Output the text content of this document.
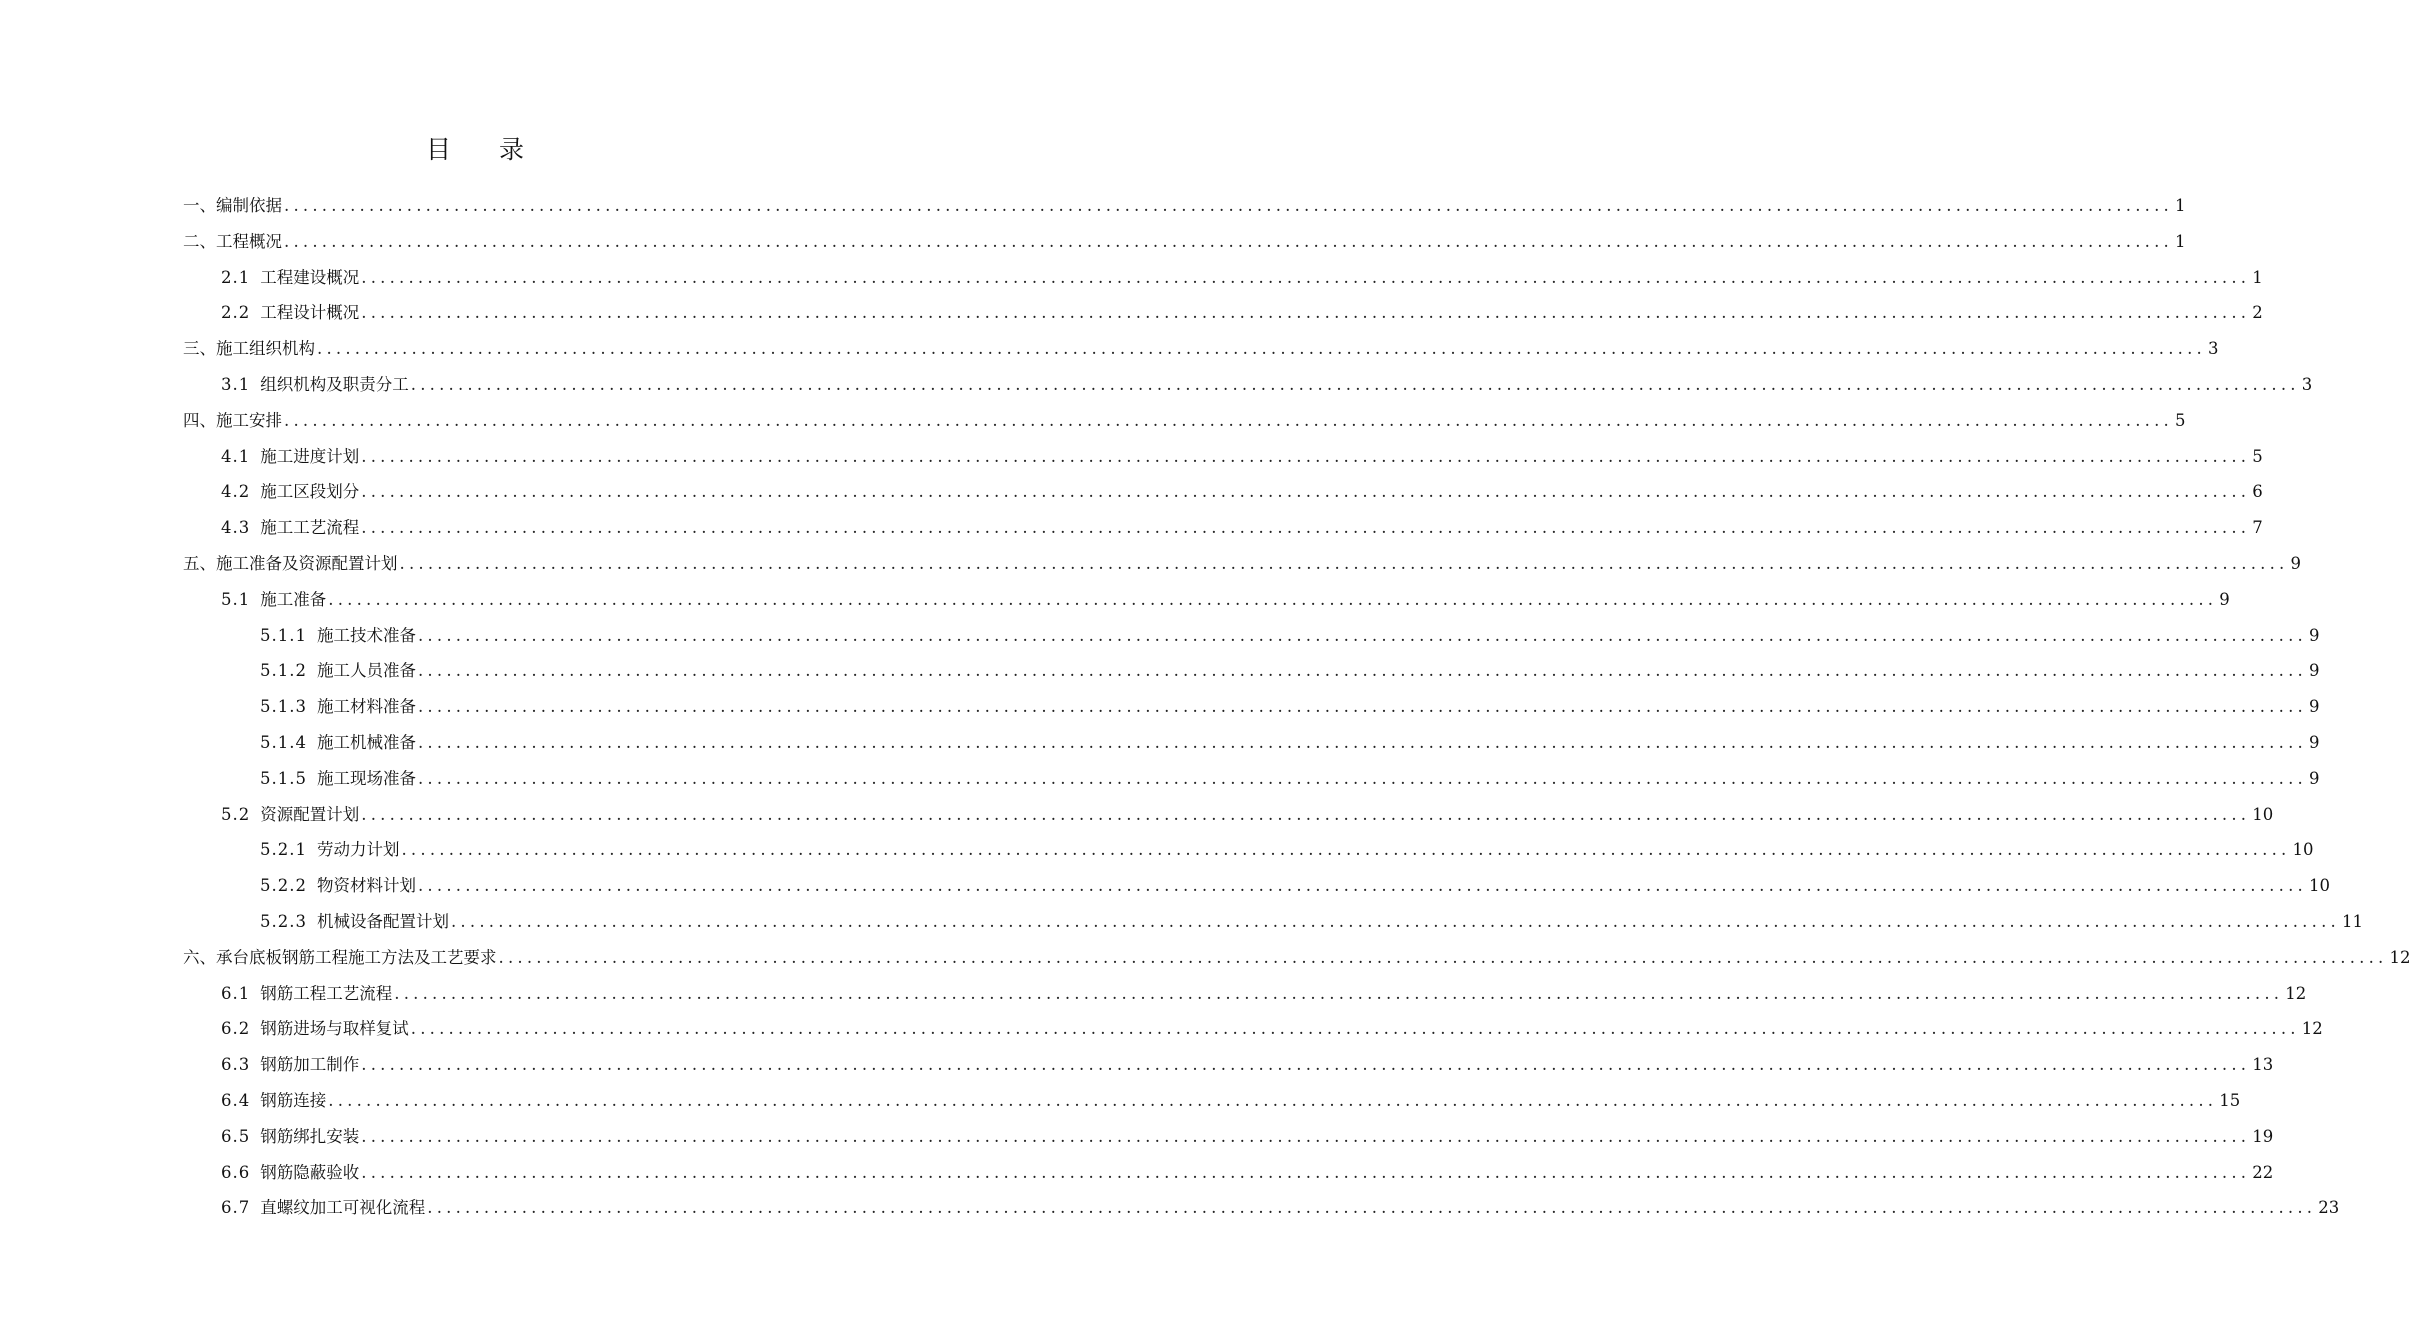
目 录
一、编制依据 ........................................................................................................................................................................................................ 1
二、工程概况 ........................................................................................................................................................................................................ 1
2.1 工程建设概况 ........................................................................................................................................................................................................ 1
2.2 工程设计概况 ........................................................................................................................................................................................................ 2
三、施工组织机构 ........................................................................................................................................................................................................ 3
3.1 组织机构及职责分工 ........................................................................................................................................................................................................ 3
四、施工安排 ........................................................................................................................................................................................................ 5
4.1 施工进度计划 ........................................................................................................................................................................................................ 5
4.2 施工区段划分 ........................................................................................................................................................................................................ 6
4.3 施工工艺流程 ........................................................................................................................................................................................................ 7
五、施工准备及资源配置计划 ........................................................................................................................................................................................................ 9
5.1 施工准备 ........................................................................................................................................................................................................ 9
5.1.1 施工技术准备 ........................................................................................................................................................................................................ 9
5.1.2 施工人员准备 ........................................................................................................................................................................................................ 9
5.1.3 施工材料准备 ........................................................................................................................................................................................................ 9
5.1.4 施工机械准备 ........................................................................................................................................................................................................ 9
5.1.5 施工现场准备 ........................................................................................................................................................................................................ 9
5.2 资源配置计划 ........................................................................................................................................................................................................ 10
5.2.1 劳动力计划 ........................................................................................................................................................................................................ 10
5.2.2 物资材料计划 ........................................................................................................................................................................................................ 10
5.2.3 机械设备配置计划 ........................................................................................................................................................................................................ 11
六、承台底板钢筋工程施工方法及工艺要求 ........................................................................................................................................................................................................ 12
6.1 钢筋工程工艺流程 ........................................................................................................................................................................................................ 12
6.2 钢筋进场与取样复试 ........................................................................................................................................................................................................ 12
6.3 钢筋加工制作 ........................................................................................................................................................................................................ 13
6.4 钢筋连接 ........................................................................................................................................................................................................ 15
6.5 钢筋绑扎安装 ........................................................................................................................................................................................................ 19
6.6 钢筋隐蔽验收 ........................................................................................................................................................................................................ 22
6.7 直螺纹加工可视化流程 ........................................................................................................................................................................................................ 23
